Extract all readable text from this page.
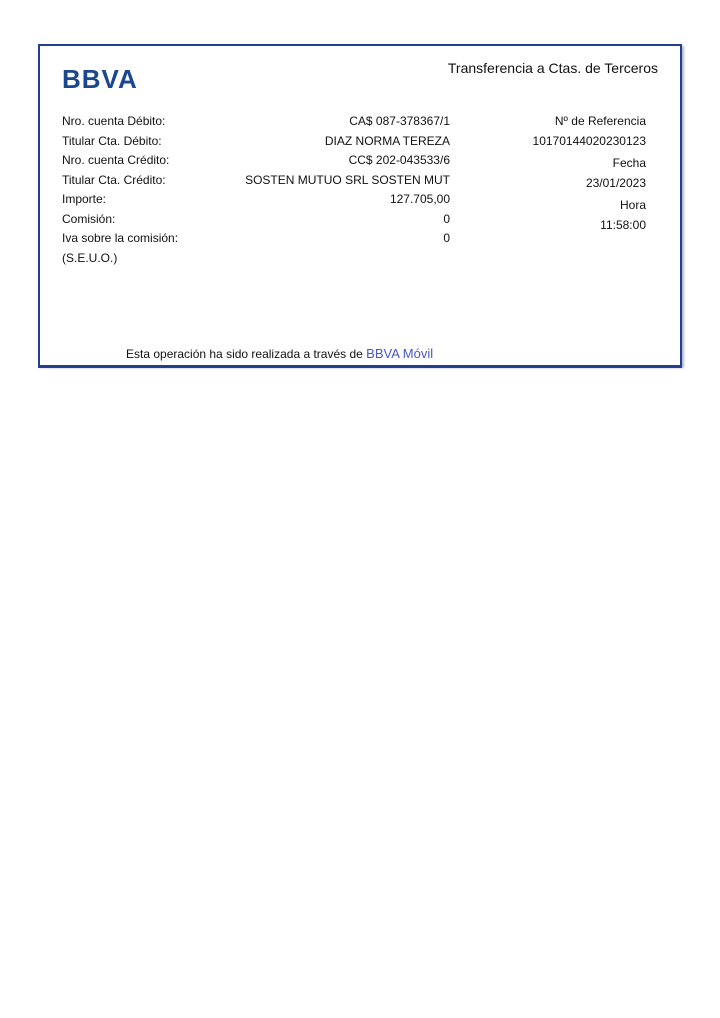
BBVA	Transferencia a Ctas. de Terceros
Nro. cuenta Débito:
Titular Cta. Débito:
Nro. cuenta Crédito:
Titular Cta. Crédito:
Importe:
Comisión:
Iva sobre la comisión:
(S.E.U.O.)
CA$ 087-378367/1
DIAZ NORMA TEREZA
CC$ 202-043533/6
SOSTEN MUTUO SRL SOSTEN MUT
127.705,00
0
0
Nº de Referencia
10170144020230123
Fecha
23/01/2023
Hora
11:58:00
Esta operación ha sido realizada a través de BBVA Móvil
